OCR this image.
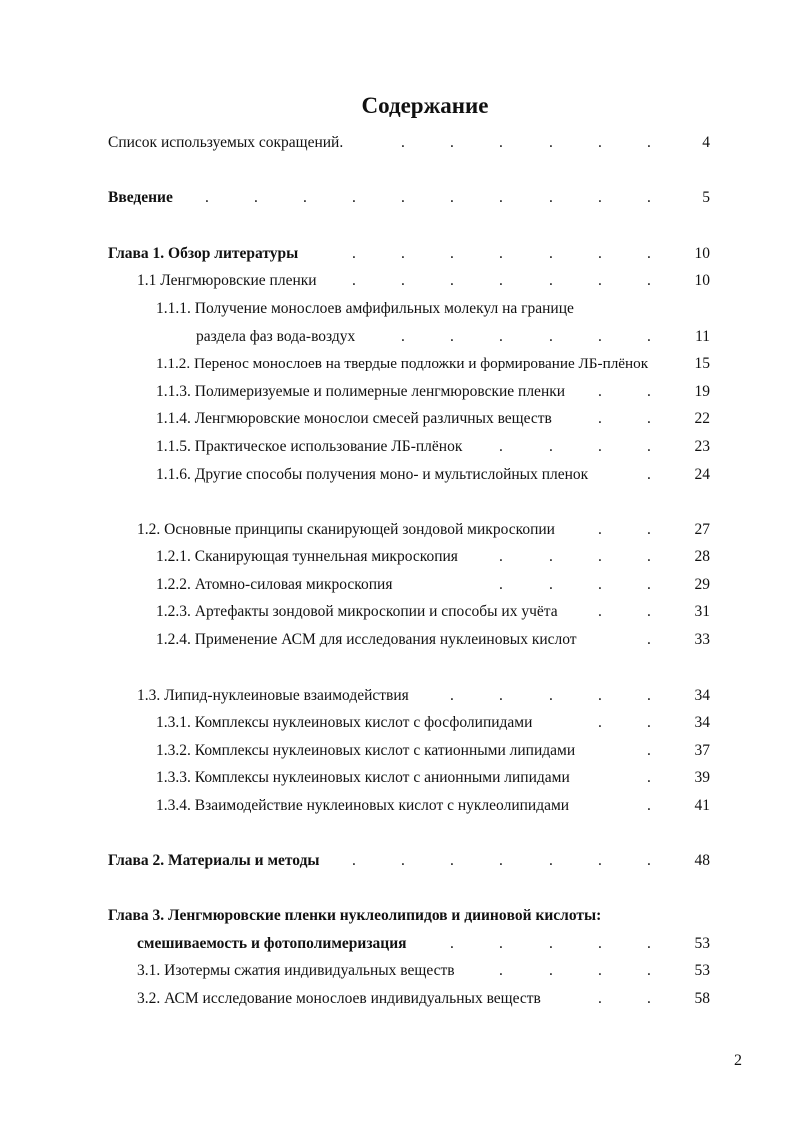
Содержание
Список используемых сокращений.	.	.	.	.	.	.	4
Введение .	.	.	.	.	.	.	.	.	.	5
Глава 1. Обзор литературы	.	.	.	.	.	.	.	10
1.1 Ленгмюровские пленки .	.	.	.	.	.	.	10
1.1.1. Получение монослоев амфифильных молекул на границе
раздела фаз вода-воздух	.	.	.	.	.	.	11
1.1.2. Перенос монослоев на твердые подложки и формирование ЛБ-плёнок	15
1.1.3. Полимеризуемые и полимерные ленгмюровские пленки .	.	19
1.1.4. Ленгмюровские монослои смесей различных веществ	.	.	22
1.1.5. Практическое использование ЛБ-плёнок .	.	.	.	23
1.1.6. Другие способы получения моно- и мультислойных пленок	.	24
1.2. Основные принципы сканирующей зондовой микроскопии	.	.	27
1.2.1. Сканирующая туннельная микроскопия	.	.	.	.	28
1.2.2. Атомно-силовая микроскопия	.	.	.	.	29
1.2.3. Артефакты зондовой микроскопии и способы их учёта	.	.	31
1.2.4. Применение АСМ для исследования нуклеиновых кислот	.	33
1.3. Липид-нуклеиновые взаимодействия	.	.	.	.	.	34
1.3.1. Комплексы нуклеиновых кислот с фосфолипидами	.	.	34
1.3.2. Комплексы нуклеиновых кислот с катионными липидами	.	37
1.3.3. Комплексы нуклеиновых кислот с анионными липидами	.	39
1.3.4. Взаимодействие нуклеиновых кислот с нуклеолипидами	.	41
Глава 2. Материалы и методы .	.	.	.	.	.	.	48
Глава 3. Ленгмюровские пленки нуклеолипидов и диинoвой кислоты:
смешиваемость и фотополимеризация	.	.	.	.	.	53
3.1. Изотермы сжатия индивидуальных веществ	.	.	.	.	53
3.2. АСМ исследование монослоев индивидуальных веществ	.	.	58
2
